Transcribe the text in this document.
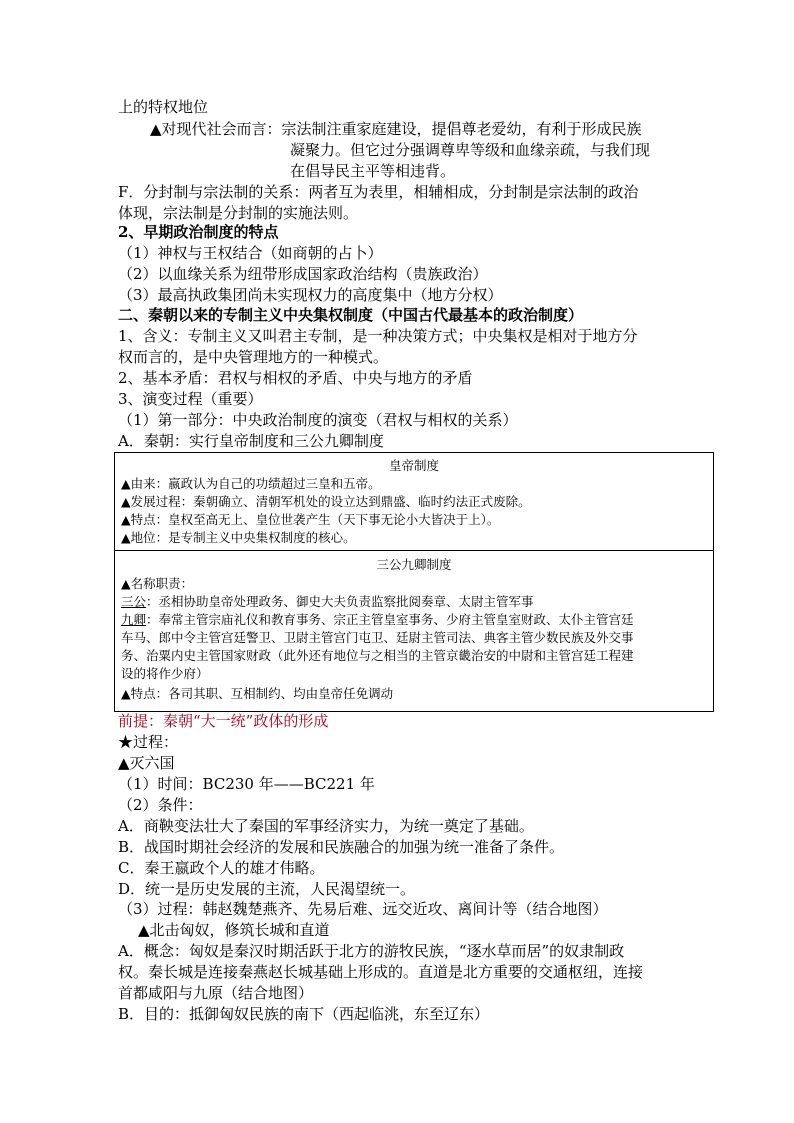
上的特权地位
▲对现代社会而言：宗法制注重家庭建设，提倡尊老爱幼，有利于形成民族
凝聚力。但它过分强调尊卑等级和血缘亲疏，与我们现
在倡导民主平等相违背。
F．分封制与宗法制的关系：两者互为表里，相辅相成，分封制是宗法制的政治
体现，宗法制是分封制的实施法则。
2、早期政治制度的特点
（1）神权与王权结合（如商朝的占卜）
（2）以血缘关系为纽带形成国家政治结构（贵族政治）
（3）最高执政集团尚未实现权力的高度集中（地方分权）
二、秦朝以来的专制主义中央集权制度（中国古代最基本的政治制度）
1、含义：专制主义又叫君主专制，是一种决策方式；中央集权是相对于地方分
权而言的，是中央管理地方的一种模式。
2、基本矛盾：君权与相权的矛盾、中央与地方的矛盾
3、演变过程（重要）
（1）第一部分：中央政治制度的演变（君权与相权的关系）
A．秦朝：实行皇帝制度和三公九卿制度
皇帝制度
▲由来：嬴政认为自己的功绩超过三皇和五帝。
▲发展过程：秦朝确立、清朝军机处的设立达到鼎盛、临时约法正式废除。
▲特点：皇权至高无上、皇位世袭产生（天下事无论小大皆决于上）。
▲地位：是专制主义中央集权制度的核心。
三公九卿制度
▲名称职责：
三公：丞相协助皇帝处理政务、御史大夫负责监察批阅奏章、太尉主管军事
九卿：奉常主管宗庙礼仪和教育事务、宗正主管皇室事务、少府主管皇室财政、太仆主管宫廷
车马、郎中令主管宫廷警卫、卫尉主管宫门屯卫、廷尉主管司法、典客主管少数民族及外交事
务、治粟内史主管国家财政（此外还有地位与之相当的主管京畿治安的中尉和主管宫廷工程建
设的将作少府）
▲特点：各司其职、互相制约、均由皇帝任免调动
前提：秦朝“大一统”政体的形成
★过程：
▲灭六国
（1）时间：BC230 年——BC221 年
（2）条件：
A．商鞅变法壮大了秦国的军事经济实力，为统一奠定了基础。
B．战国时期社会经济的发展和民族融合的加强为统一准备了条件。
C．秦王嬴政个人的雄才伟略。
D．统一是历史发展的主流，人民渴望统一。
（3）过程：韩赵魏楚燕齐、先易后难、远交近攻、离间计等（结合地图）
▲北击匈奴，修筑长城和直道
A．概念：匈奴是秦汉时期活跃于北方的游牧民族，“逐水草而居”的奴隶制政
权。秦长城是连接秦燕赵长城基础上形成的。直道是北方重要的交通枢纽，连接
首都咸阳与九原（结合地图）
B．目的：抵御匈奴民族的南下（西起临洮，东至辽东）
